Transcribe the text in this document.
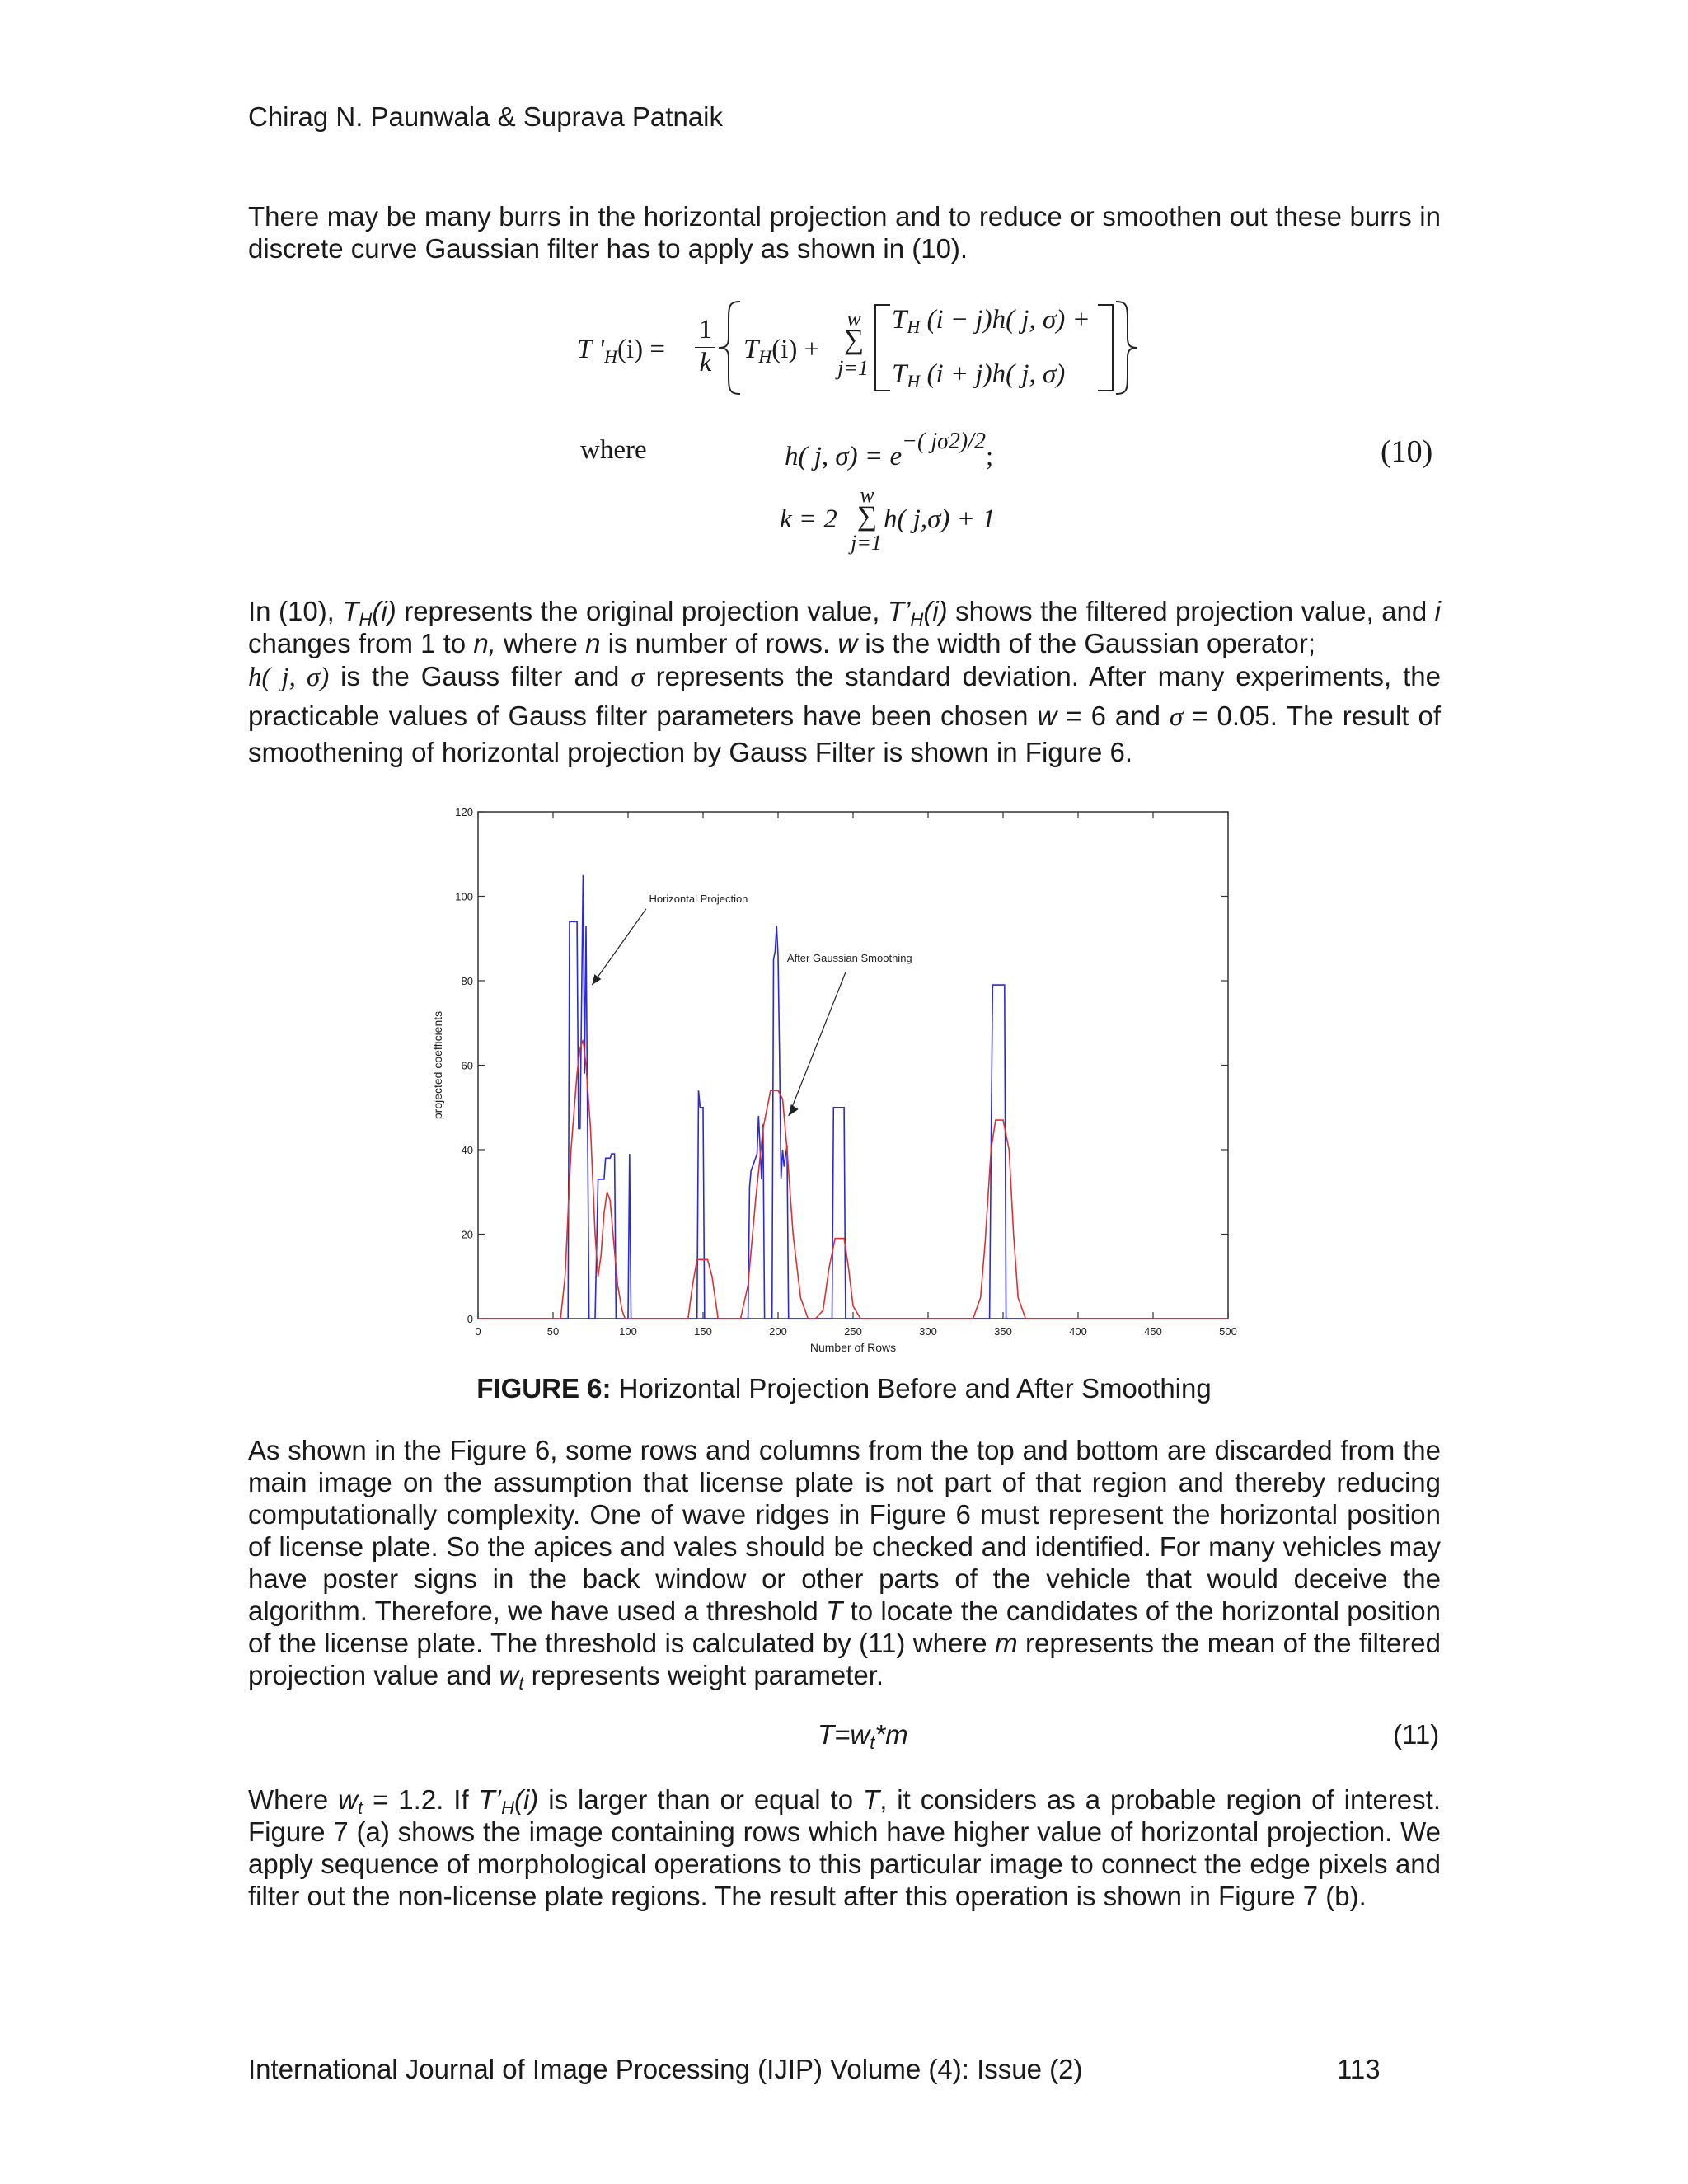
Chirag N. Paunwala & Suprava Patnaik
There may be many burrs in the horizontal projection and to reduce or smoothen out these burrs in discrete curve Gaussian filter has to apply as shown in (10).
T '$_H(i)$ =
1
k $T_H(i)$ +
w
∑
j=1
$T_H$ (i − j)h( j, σ) +
$T_H$ (i + j)h( j, σ)
where	h( j, $\sigma) = e^{-( j\sigma 2)/2}$;	(10)
w
k = 2 ∑ h( j,σ) + 1
j=1
In (10), $T_H(i)$ represents the original projection value, $T’_H(i)$ shows the filtered projection value, and i changes from 1 to n, where n is number of rows. w is the width of the Gaussian operator;
h( j, σ) is the Gauss filter and σ represents the standard deviation. After many experiments, the
practicable values of Gauss filter parameters have been chosen w = 6 and σ = 0.05. The result of
smoothening of horizontal projection by Gauss Filter is shown in Figure 6.
0	50	100	150	200	250	300	350	400	450	500
0
20
40
60
80
100
120
Number of Rows
projected coefficients
Horizontal Projection
After Gaussian Smoothing
FIGURE 6: Horizontal Projection Before and After Smoothing
As shown in the Figure 6, some rows and columns from the top and bottom are discarded from the main image on the assumption that license plate is not part of that region and thereby reducing computationally complexity. One of wave ridges in Figure 6 must represent the horizontal position of license plate. So the apices and vales should be checked and identified. For many vehicles may have poster signs in the back window or other parts of the vehicle that would deceive the algorithm. Therefore, we have used a threshold T to locate the candidates of the horizontal position of the license plate. The threshold is calculated by (11) where m represents the mean of the filtered projection value and $w_t$ represents weight parameter.
$T=w_t*m$	(11)
Where $w_t = 1.2$. If $T’_H(i)$ is larger than or equal to T, it considers as a probable region of interest. Figure 7 (a) shows the image containing rows which have higher value of horizontal projection. We apply sequence of morphological operations to this particular image to connect the edge pixels and filter out the non-license plate regions. The result after this operation is shown in Figure 7 (b).
International Journal of Image Processing (IJIP) Volume (4): Issue (2)	113
